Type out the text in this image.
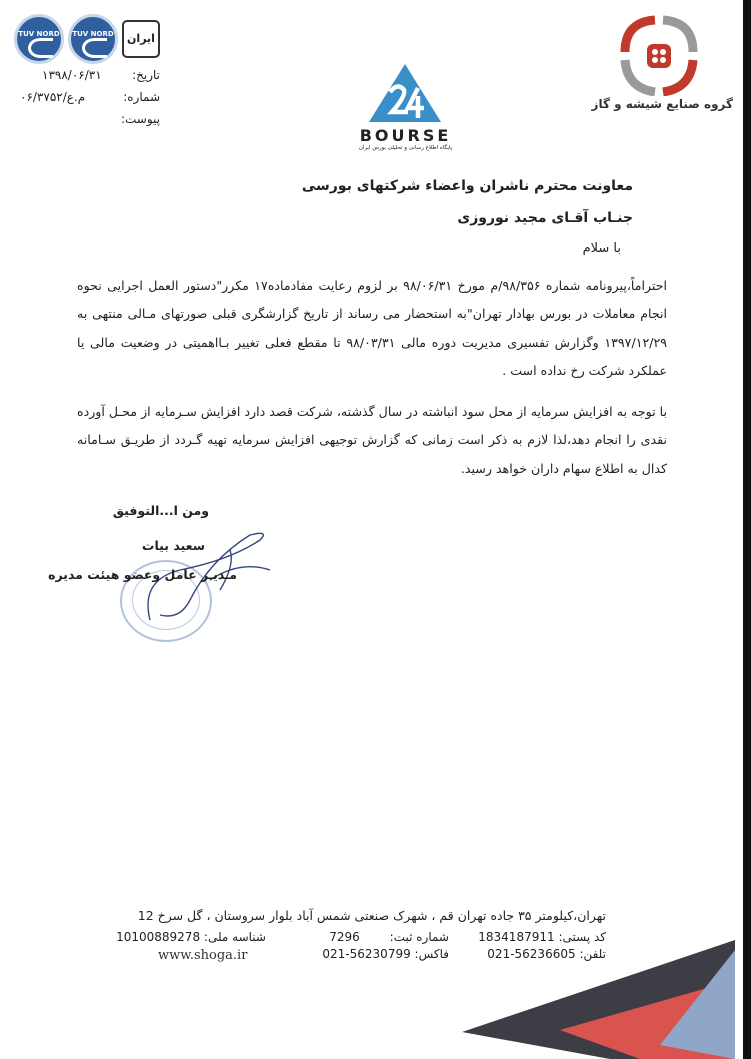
TUV NORD TUV NORD ایران
تاریخ:
۱۳۹۸/۰۶/۳۱
شماره:
م.ع/۰۶/۳۷۵۲
پیوست:
BOURSE
پایگاه اطلاع رسانی و تحلیلی بورس ایران
گروه صنایع شیشه و گاز
معاونت محترم ناشران واعضاء شرکتهای بورسی
جنـاب آقـای مجید نوروزی
با سلام
احتراماً،پیرونامه شماره ۹۸/۳۵۶/م مورخ ۹۸/۰۶/۳۱ بر لزوم رعایت مفادماده۱۷ مکرر"دستور العمل اجرایی نحوه انجام معاملات در بورس بهادار تهران"به استحضار می رساند از تاریخ گزارشگری قبلی صورتهای مـالی منتهی به ۱۳۹۷/۱۲/۲۹ وگزارش تفسیری مدیریت دوره مالی ۹۸/۰۳/۳۱ تا مقطع فعلی تغییر بـااهمیتی در وضعیت مالی یا عملکرد شرکت رخ نداده است .
با توجه به افزایش سرمایه از محل سود انباشته در سال گذشته، شرکت قصد دارد افزایش سـرمایه از محـل آورده نقدی را انجام دهد،لذا لازم به ذکر است زمانی که گزارش توجیهی افزایش سرمایه تهیه گـردد از طریـق سـامانه کدال به اطلاع سهام داران خواهد رسید.
ومن ا...التوفیق
سعید بیات
مـدیـر عامل وعضو هیئت مدیره
تهران،کیلومتر ۳۵ جاده تهران قم ، شهرک صنعتی شمس آباد بلوار سروستان ، گل سرخ 12
کد پستی: 1834187911
تلفن: 021-56236605
شماره ثبت: 7296
فاکس: 021-56230799
شناسه ملی: 10100889278
www.shoga.ir
